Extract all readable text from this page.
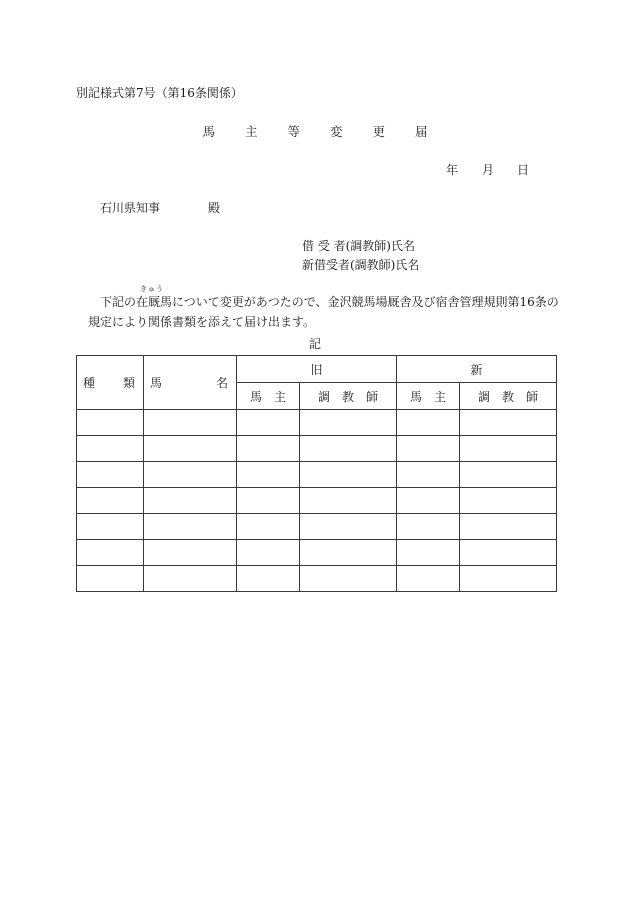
別記様式第7号（第16条関係）
馬 主 等 変 更 届
年 月 日
石川県知事	殿
借 受 者(調教師)氏名
新借受者(調教師)氏名
きゅう
下記の在厩馬について変更があつたので、金沢競馬場厩舎及び宿舎管理規則第16条の
規定により関係書類を添えて届け出ます。
記
種 類	馬 名	旧		新	
		馬　主	調　教　師	馬　主	調　教　師
